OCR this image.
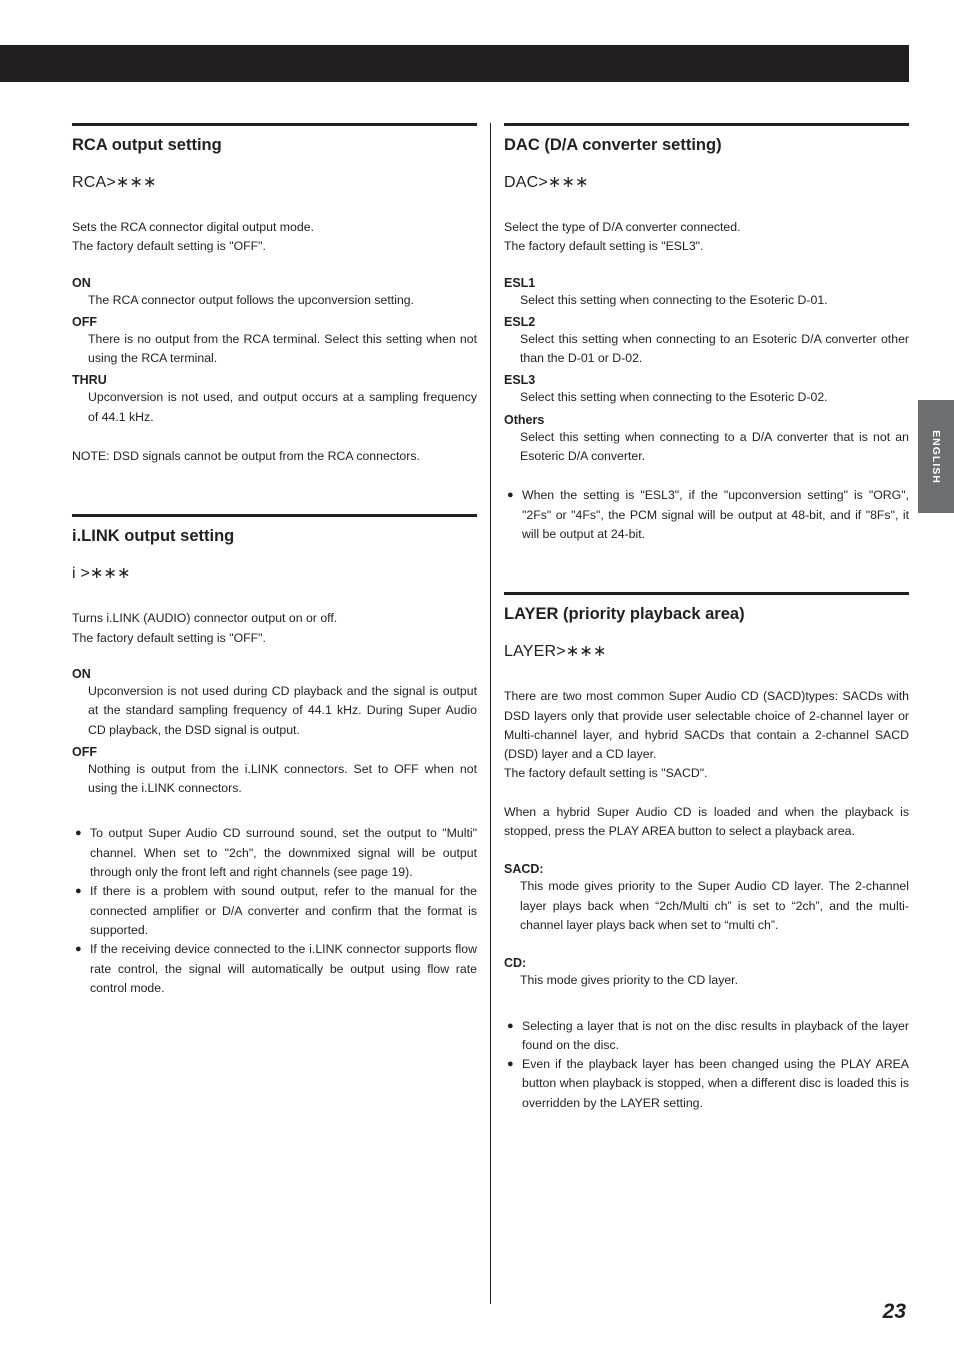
ENGLISH
23
RCA output setting
RCA>∗∗∗
Sets the RCA connector digital output mode.
The factory default setting is "OFF".
ON
The RCA connector output follows the upconversion setting.
OFF
There is no output from the RCA terminal. Select this setting when not using the RCA terminal.
THRU
Upconversion is not used, and output occurs at a sampling frequency of 44.1 kHz.
NOTE: DSD signals cannot be output from the RCA connectors.
i.LINK output setting
i >∗∗∗
Turns i.LINK (AUDIO) connector output on or off.
The factory default setting is "OFF".
ON
Upconversion is not used during CD playback and the signal is output at the standard sampling frequency of 44.1 kHz. During Super Audio CD playback, the DSD signal is output.
OFF
Nothing is output from the i.LINK connectors. Set to OFF when not using the i.LINK connectors.
● To output Super Audio CD surround sound, set the output to "Multi" channel. When set to "2ch", the downmixed signal will be output through only the front left and right channels (see page 19).
● If there is a problem with sound output, refer to the manual for the connected amplifier or D/A converter and confirm that the format is supported.
● If the receiving device connected to the i.LINK connector supports flow rate control, the signal will automatically be output using flow rate control mode.
DAC (D/A converter setting)
DAC>∗∗∗
Select the type of D/A converter connected.
The factory default setting is "ESL3".
ESL1
Select this setting when connecting to the Esoteric D-01.
ESL2
Select this setting when connecting to an Esoteric D/A converter other than the D-01 or D-02.
ESL3
Select this setting when connecting to the Esoteric D-02.
Others
Select this setting when connecting to a D/A converter that is not an Esoteric D/A converter.
● When the setting is "ESL3", if the "upconversion setting" is "ORG", "2Fs" or "4Fs", the PCM signal will be output at 48-bit, and if "8Fs", it will be output at 24-bit.
LAYER (priority playback area)
LAYER>∗∗∗

There are two most common Super Audio CD (SACD)types: SACDs with DSD layers only that provide user selectable choice of 2-channel layer or Multi-channel layer, and hybrid SACDs that contain a 2-channel SACD (DSD) layer and a CD layer.

The factory default setting is "SACD".

When a hybrid Super Audio CD is loaded and when the playback is stopped, press the PLAY AREA button to select a playback area.

SACD:
This mode gives priority to the Super Audio CD layer. The 2-channel layer plays back when “2ch/Multi ch” is set to “2ch”, and the multi-channel layer plays back when set to “multi ch”.
CD:
This mode gives priority to the CD layer.
● Selecting a layer that is not on the disc results in playback of the layer found on the disc.
● Even if the playback layer has been changed using the PLAY AREA button when playback is stopped, when a different disc is loaded this is overridden by the LAYER setting.
